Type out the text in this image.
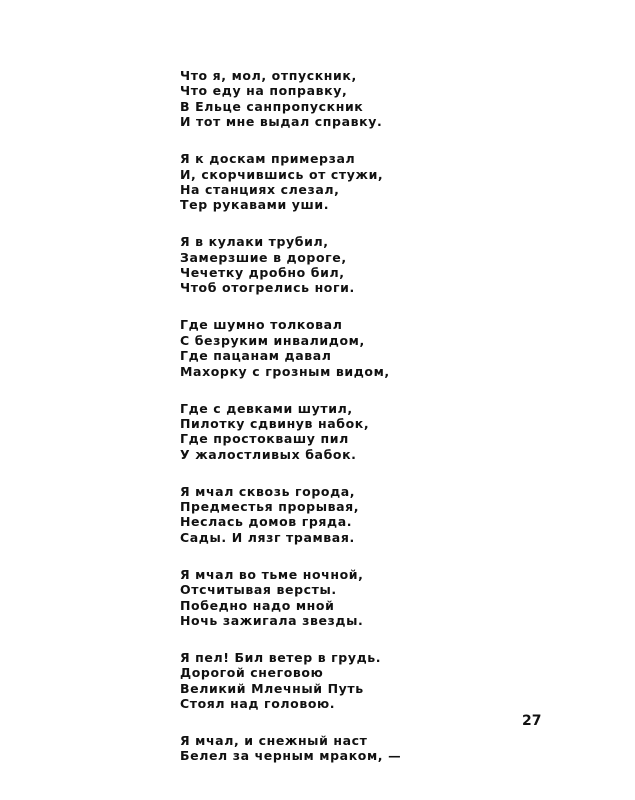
Что я, мол, отпускник,
Что еду на поправку,
В Ельце санпропускник
И тот мне выдал справку.
Я к доскам примерзал
И, скорчившись от стужи,
На станциях слезал,
Тер рукавами уши.
Я в кулаки трубил,
Замерзшие в дороге,
Чечетку дробно бил,
Чтоб отогрелись ноги.
Где шумно толковал
С безруким инвалидом,
Где пацанам давал
Махорку с грозным видом,
Где с девками шутил,
Пилотку сдвинув набок,
Где простоквашу пил
У жалостливых бабок.
Я мчал сквозь города,
Предместья прорывая,
Неслась домов гряда.
Сады. И лязг трамвая.
Я мчал во тьме ночной,
Отсчитывая версты.
Победно надо мной
Ночь зажигала звезды.
Я пел! Бил ветер в грудь.
Дорогой снеговою
Великий Млечный Путь
Стоял над головою.
Я мчал, и снежный наст
Белел за черным мраком, —
27
